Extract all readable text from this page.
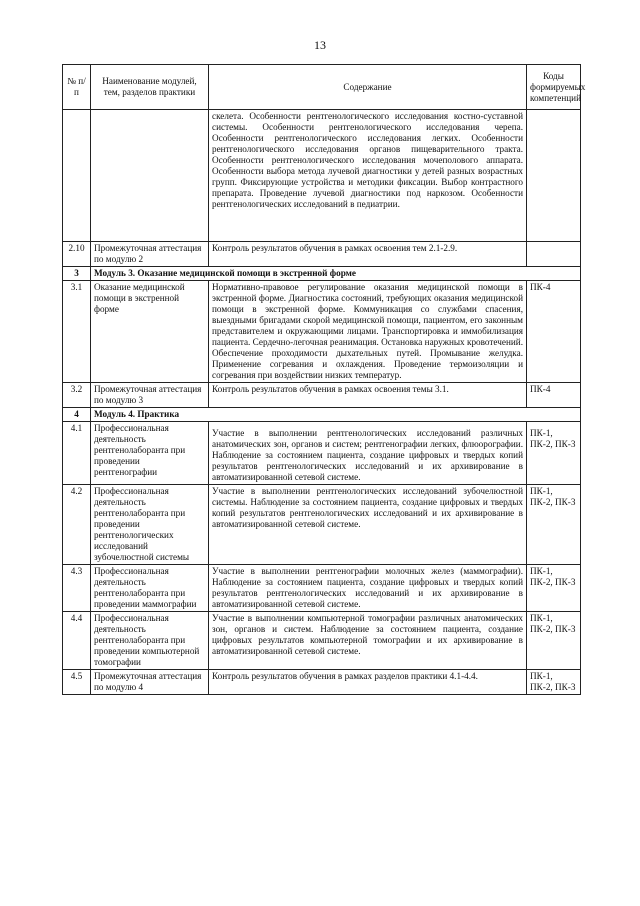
13
№ п/п	Наименование модулей, тем, разделов практики	Содержание	Коды формируемых компетенций
		скелета. Особенности рентгенологического исследования костно-суставной системы. Особенности рентгенологического исследования черепа. Особенности рентгенологического исследования легких. Особенности рентгенологического исследования органов пищеварительного тракта. Особенности рентгенологического исследования мочеполового аппарата. Особенности выбора метода лучевой диагностики у детей разных возрастных групп. Фиксирующие устройства и методики фиксации. Выбор контрастного препарата. Проведение лучевой диагностики под наркозом. Особенности рентгенологических исследований в педиатрии.	
2.10	Промежуточная аттестация по модулю 2	Контроль результатов обучения в рамках освоения тем 2.1-2.9.	
3	Модуль 3. Оказание медицинской помощи в экстренной форме		
3.1	Оказание медицинской помощи в экстренной форме	Нормативно-правовое регулирование оказания медицинской помощи в экстренной форме. Диагностика состояний, требующих оказания медицинской помощи в экстренной форме. Коммуникация со службами спасения, выездными бригадами скорой медицинской помощи, пациентом, его законным представителем и окружающими лицами. Транспортировка и иммобилизация пациента. Сердечно-легочная реанимация. Остановка наружных кровотечений. Обеспечение проходимости дыхательных путей. Промывание желудка. Применение согревания и охлаждения. Проведение термоизоляции и согревания при воздействии низких температур.	ПК-4
3.2	Промежуточная аттестация по модулю 3	Контроль результатов обучения в рамках освоения темы 3.1.	ПК-4
4	Модуль 4. Практика		
4.1	Профессиональная деятельность рентгенолаборанта при проведении рентгенографии	Участие в выполнении рентгенологических исследований различных анатомических зон, органов и систем; рентгенографии легких, флюорографии. Наблюдение за состоянием пациента, создание цифровых и твердых копий результатов рентгенологических исследований и их архивирование в автоматизированной сетевой системе.	ПК-1, ПК-2, ПК-3
4.2	Профессиональная деятельность рентгенолаборанта при проведении рентгенологических исследований зубочелюстной системы	Участие в выполнении рентгенологических исследований зубочелюстной системы. Наблюдение за состоянием пациента, создание цифровых и твердых копий результатов рентгенологических исследований и их архивирование в автоматизированной сетевой системе.	ПК-1, ПК-2, ПК-3
4.3	Профессиональная деятельность рентгенолаборанта при проведении маммографии	Участие в выполнении рентгенографии молочных желез (маммографии). Наблюдение за состоянием пациента, создание цифровых и твердых копий результатов рентгенологических исследований и их архивирование в автоматизированной сетевой системе.	ПК-1, ПК-2, ПК-3
4.4	Профессиональная деятельность рентгенолаборанта при проведении компьютерной томографии	Участие в выполнении компьютерной томографии различных анатомических зон, органов и систем. Наблюдение за состоянием пациента, создание цифровых результатов компьютерной томографии и их архивирование в автоматизированной сетевой системе.	ПК-1, ПК-2, ПК-3
4.5	Промежуточная аттестация по модулю 4	Контроль результатов обучения в рамках разделов практики 4.1-4.4.	ПК-1, ПК-2, ПК-3
